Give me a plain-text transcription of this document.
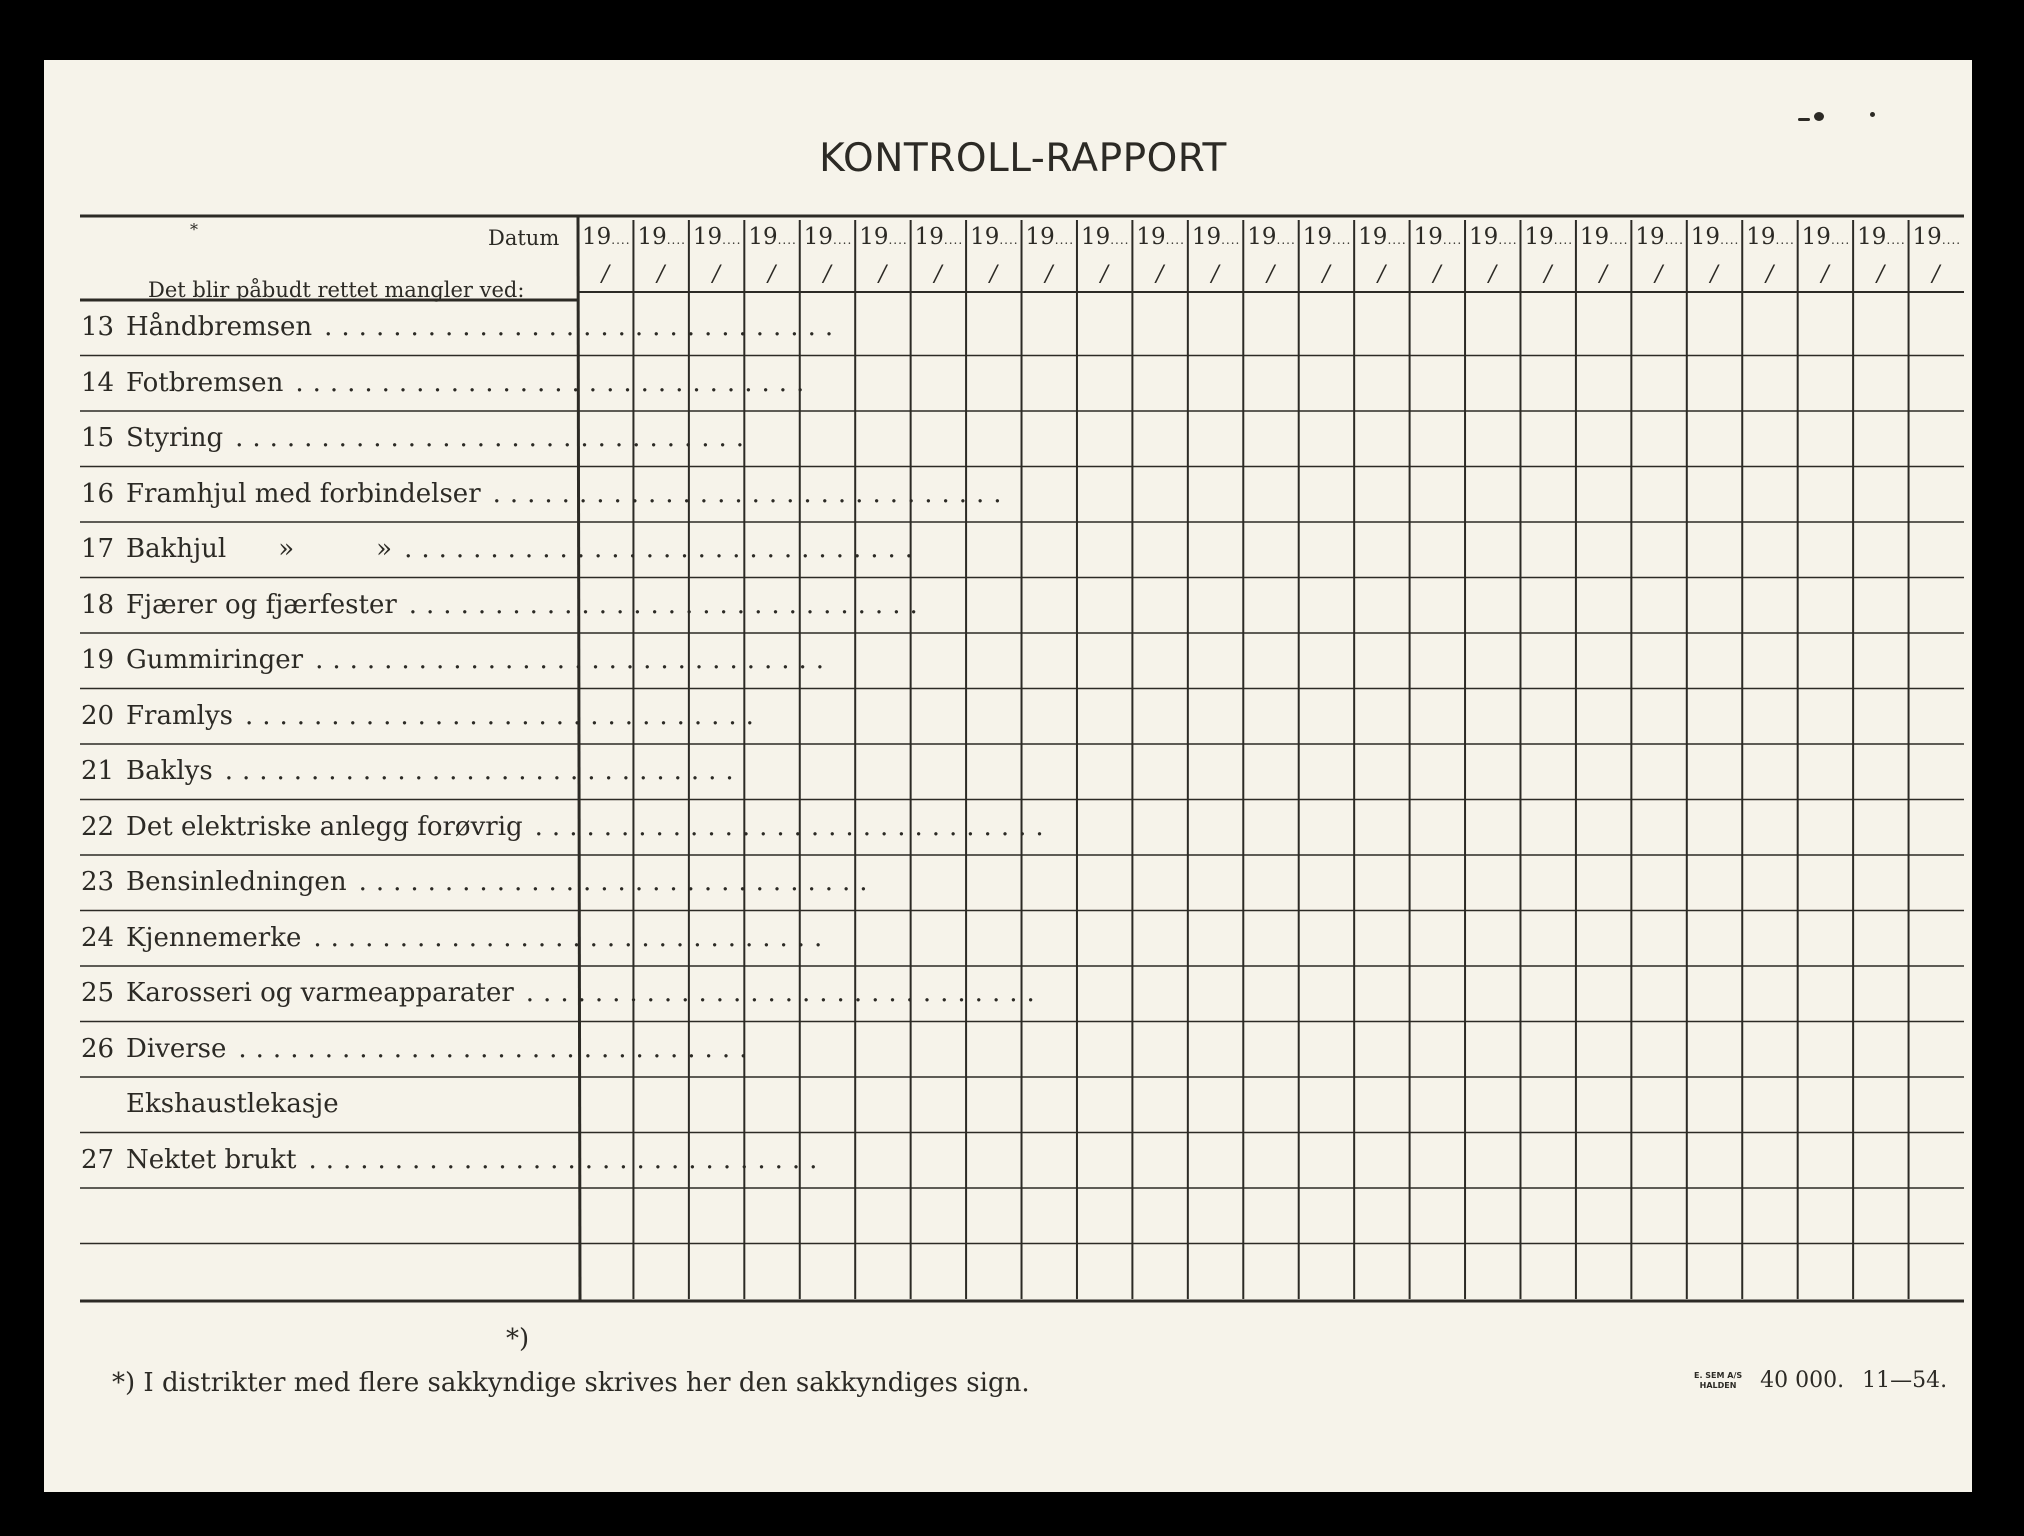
KONTROLL-RAPPORT
Datum
*
Det blir påbudt rettet mangler ved:
19....
/
19....
/
19....
/
19....
/
19....
/
19....
/
19....
/
19....
/
19....
/
19....
/
19....
/
19....
/
19....
/
19....
/
19....
/
19....
/
19....
/
19....
/
19....
/
19....
/
19....
/
19....
/
19....
/
19....
/
19....
/
13 Håndbremsen ..............................
14 Fotbremsen ..............................
15 Styring ..............................
16 Framhjul med forbindelser ..............................
17 Bakhjul »	» ..............................
18 Fjærer og fjærfester ..............................
19 Gummiringer ..............................
20 Framlys ..............................
21 Baklys ..............................
22 Det elektriske anlegg forøvrig ..............................
23 Bensinledningen ..............................
24 Kjennemerke ..............................
25 Karosseri og varmeapparater ..............................
26 Diverse ..............................
Ekshaustlekasje
27 Nektet brukt ..............................
*)
*) I distrikter med flere sakkyndige skrives her den sakkyndiges sign.	E. SEM A/S
HALDEN 40 000. 11—54.
